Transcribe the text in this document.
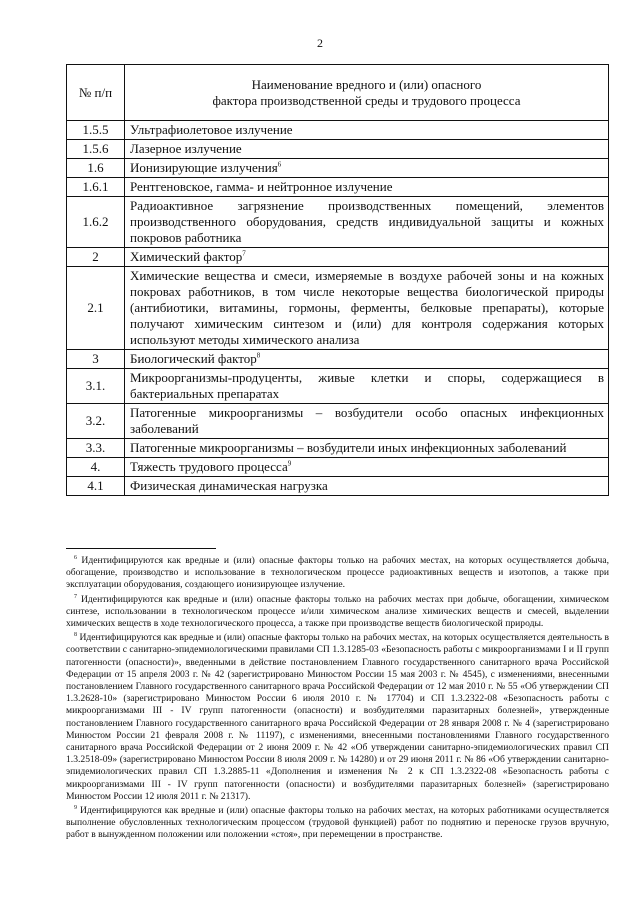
2
№ п/п	Наименование вредного и (или) опасного
фактора производственной среды и трудового процесса
1.5.5	Ультрафиолетовое излучение
1.5.6	Лазерное излучение
1.6	Ионизирующие излучения$^6$
1.6.1	Рентгеновское, гамма- и нейтронное излучение
1.6.2	Радиоактивное загрязнение производственных помещений, элементов производственного оборудования, средств индивидуальной защиты и кожных покровов работника
2	Химический фактор$^7$
2.1	Химические вещества и смеси, измеряемые в воздухе рабочей зоны и на кожных покровах работников, в том числе некоторые вещества биологической природы (антибиотики, витамины, гормоны, ферменты, белковые препараты), которые получают химическим синтезом и (или) для контроля содержания которых используют методы химического анализа
3	Биологический фактор$^8$
3.1.	Микроорганизмы-продуценты, живые клетки и споры, содержащиеся в бактериальных препаратах
3.2.	Патогенные микроорганизмы – возбудители особо опасных инфекционных заболеваний
3.3.	Патогенные микроорганизмы – возбудители иных инфекционных заболеваний
4.	Тяжесть трудового процесса$^9$
4.1	Физическая динамическая нагрузка

$^6$ Идентифицируются как вредные и (или) опасные факторы только на рабочих местах, на которых осуществляется добыча, обогащение, производство и использование в технологическом процессе радиоактивных веществ и изотопов, а также при эксплуатации оборудования, создающего ионизирующее излучение.

$^7$ Идентифицируются как вредные и (или) опасные факторы только на рабочих местах при добыче, обогащении, химическом синтезе, использовании в технологическом процессе и/или химическом анализе химических веществ и смесей, выделении химических веществ в ходе технологического процесса, а также при производстве веществ биологической природы.

$^8$ Идентифицируются как вредные и (или) опасные факторы только на рабочих местах, на которых осуществляется деятельность в соответствии с санитарно-эпидемиологическими правилами СП 1.3.1285-03 «Безопасность работы с микроорганизмами I и II групп патогенности (опасности)», введенными в действие постановлением Главного государственного санитарного врача Российской Федерации от 15 апреля 2003 г. № 42 (зарегистрировано Минюстом России 15 мая 2003 г. № 4545), с изменениями, внесенными постановлением Главного государственного санитарного врача Российской Федерации от 12 мая 2010 г. № 55 «Об утверждении СП 1.3.2628-10» (зарегистрировано Минюстом России 6 июля 2010 г. № 17704) и СП 1.3.2322-08 «Безопасность работы с микроорганизмами III - IV групп патогенности (опасности) и возбудителями паразитарных болезней», утвержденные постановлением Главного государственного санитарного врача Российской Федерации от 28 января 2008 г. № 4 (зарегистрировано Минюстом России 21 февраля 2008 г. № 11197), с изменениями, внесенными постановлениями Главного государственного санитарного врача Российской Федерации от 2 июня 2009 г. № 42 «Об утверждении санитарно-эпидемиологических правил СП 1.3.2518-09» (зарегистрировано Минюстом России 8 июля 2009 г. № 14280) и от 29 июня 2011 г. № 86 «Об утверждении санитарно-эпидемиологических правил СП 1.3.2885-11 «Дополнения и изменения № 2 к СП 1.3.2322-08 «Безопасность работы с микроорганизмами III - IV групп патогенности (опасности) и возбудителями паразитарных болезней» (зарегистрировано Минюстом России 12 июля 2011 г. № 21317).

$^9$ Идентифицируются как вредные и (или) опасные факторы только на рабочих местах, на которых работниками осуществляется выполнение обусловленных технологическим процессом (трудовой функцией) работ по поднятию и переноске грузов вручную, работ в вынужденном положении или положении «стоя», при перемещении в пространстве.
